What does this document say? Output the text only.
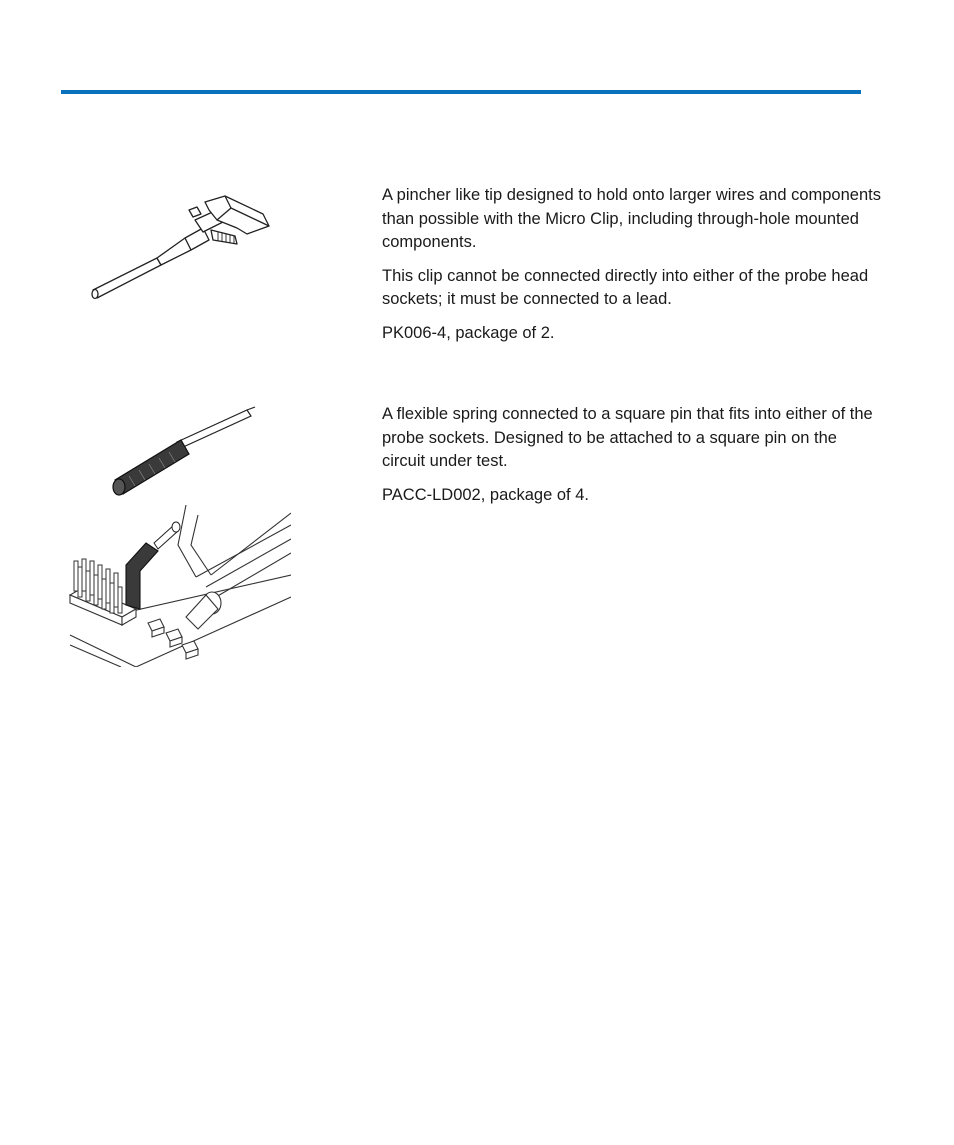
A pincher like tip designed to hold onto larger wires and components than possible with the Micro Clip, including through-hole mounted components.

This clip cannot be connected directly into either of the probe head sockets; it must be connected to a lead.

PK006-4, package of 2.

A flexible spring connected to a square pin that fits into either of the probe sockets. Designed to be attached to a square pin on the circuit under test.

PACC-LD002, package of 4.
